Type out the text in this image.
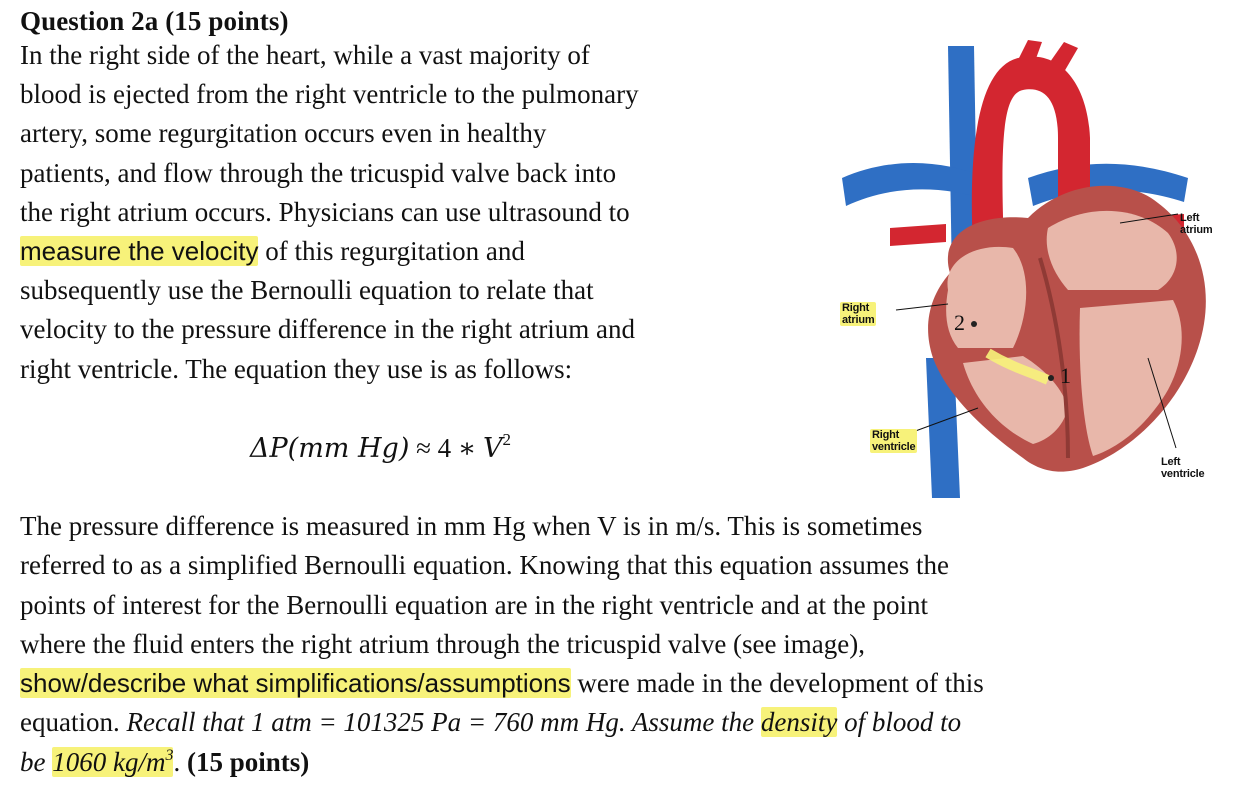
Question 2a (15 points)
In the right side of the heart, while a vast majority of
blood is ejected from the right ventricle to the pulmonary
artery, some regurgitation occurs even in healthy
patients, and flow through the tricuspid valve back into
the right atrium occurs. Physicians can use ultrasound to
measure the velocity of this regurgitation and
subsequently use the Bernoulli equation to relate that
velocity to the pressure difference in the right atrium and
right ventricle. The equation they use is as follows:
ΔP(mm Hg) ≈ 4 ∗ $V^2$
Left
atrium
Right
atrium
Right
ventricle
Left
ventricle
2
1
The pressure difference is measured in mm Hg when V is in m/s. This is sometimes
referred to as a simplified Bernoulli equation. Knowing that this equation assumes the
points of interest for the Bernoulli equation are in the right ventricle and at the point
where the fluid enters the right atrium through the tricuspid valve (see image),
show/describe what simplifications/assumptions were made in the development of this
equation. Recall that 1 atm = 101325 Pa = 760 mm Hg. Assume the density of blood to
be 1060 $kg/m^3$. (15 points)
